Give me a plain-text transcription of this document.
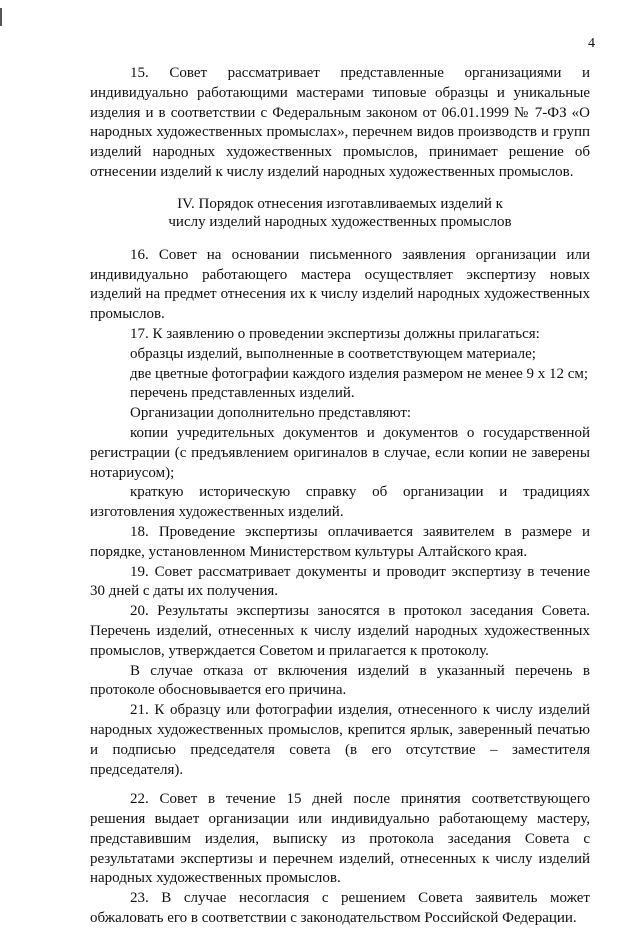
4

15. Совет рассматривает представленные организациями и индивидуально работающими мастерами типовые образцы и уникальные изделия и в соответствии с Федеральным законом от 06.01.1999 № 7-ФЗ «О народных художественных промыслах», перечнем видов производств и групп изделий народных художественных промыслов, принимает решение об отнесении изделий к числу изделий народных художественных промыслов.

IV. Порядок отнесения изготавливаемых изделий к
числу изделий народных художественных промыслов

16. Совет на основании письменного заявления организации или индивидуально работающего мастера осуществляет экспертизу новых изделий на предмет отнесения их к числу изделий народных художественных промыслов.

17. К заявлению о проведении экспертизы должны прилагаться:

образцы изделий, выполненные в соответствующем материале;

две цветные фотографии каждого изделия размером не менее 9 х 12 см;

перечень представленных изделий.

Организации дополнительно представляют:

копии учредительных документов и документов о государственной регистрации (с предъявлением оригиналов в случае, если копии не заверены нотариусом);

краткую историческую справку об организации и традициях изготовления художественных изделий.

18. Проведение экспертизы оплачивается заявителем в размере и порядке, установленном Министерством культуры Алтайского края.

19. Совет рассматривает документы и проводит экспертизу в течение 30 дней с даты их получения.

20. Результаты экспертизы заносятся в протокол заседания Совета. Перечень изделий, отнесенных к числу изделий народных художественных промыслов, утверждается Советом и прилагается к протоколу.

В случае отказа от включения изделий в указанный перечень в протоколе обосновывается его причина.

21. К образцу или фотографии изделия, отнесенного к числу изделий народных художественных промыслов, крепится ярлык, заверенный печатью и подписью председателя совета (в его отсутствие – заместителя председателя).

22. Совет в течение 15 дней после принятия соответствующего решения выдает организации или индивидуально работающему мастеру, представившим изделия, выписку из протокола заседания Совета с результатами экспертизы и перечнем изделий, отнесенных к числу изделий народных художественных промыслов.

23. В случае несогласия с решением Совета заявитель может обжаловать его в соответствии с законодательством Российской Федерации.
